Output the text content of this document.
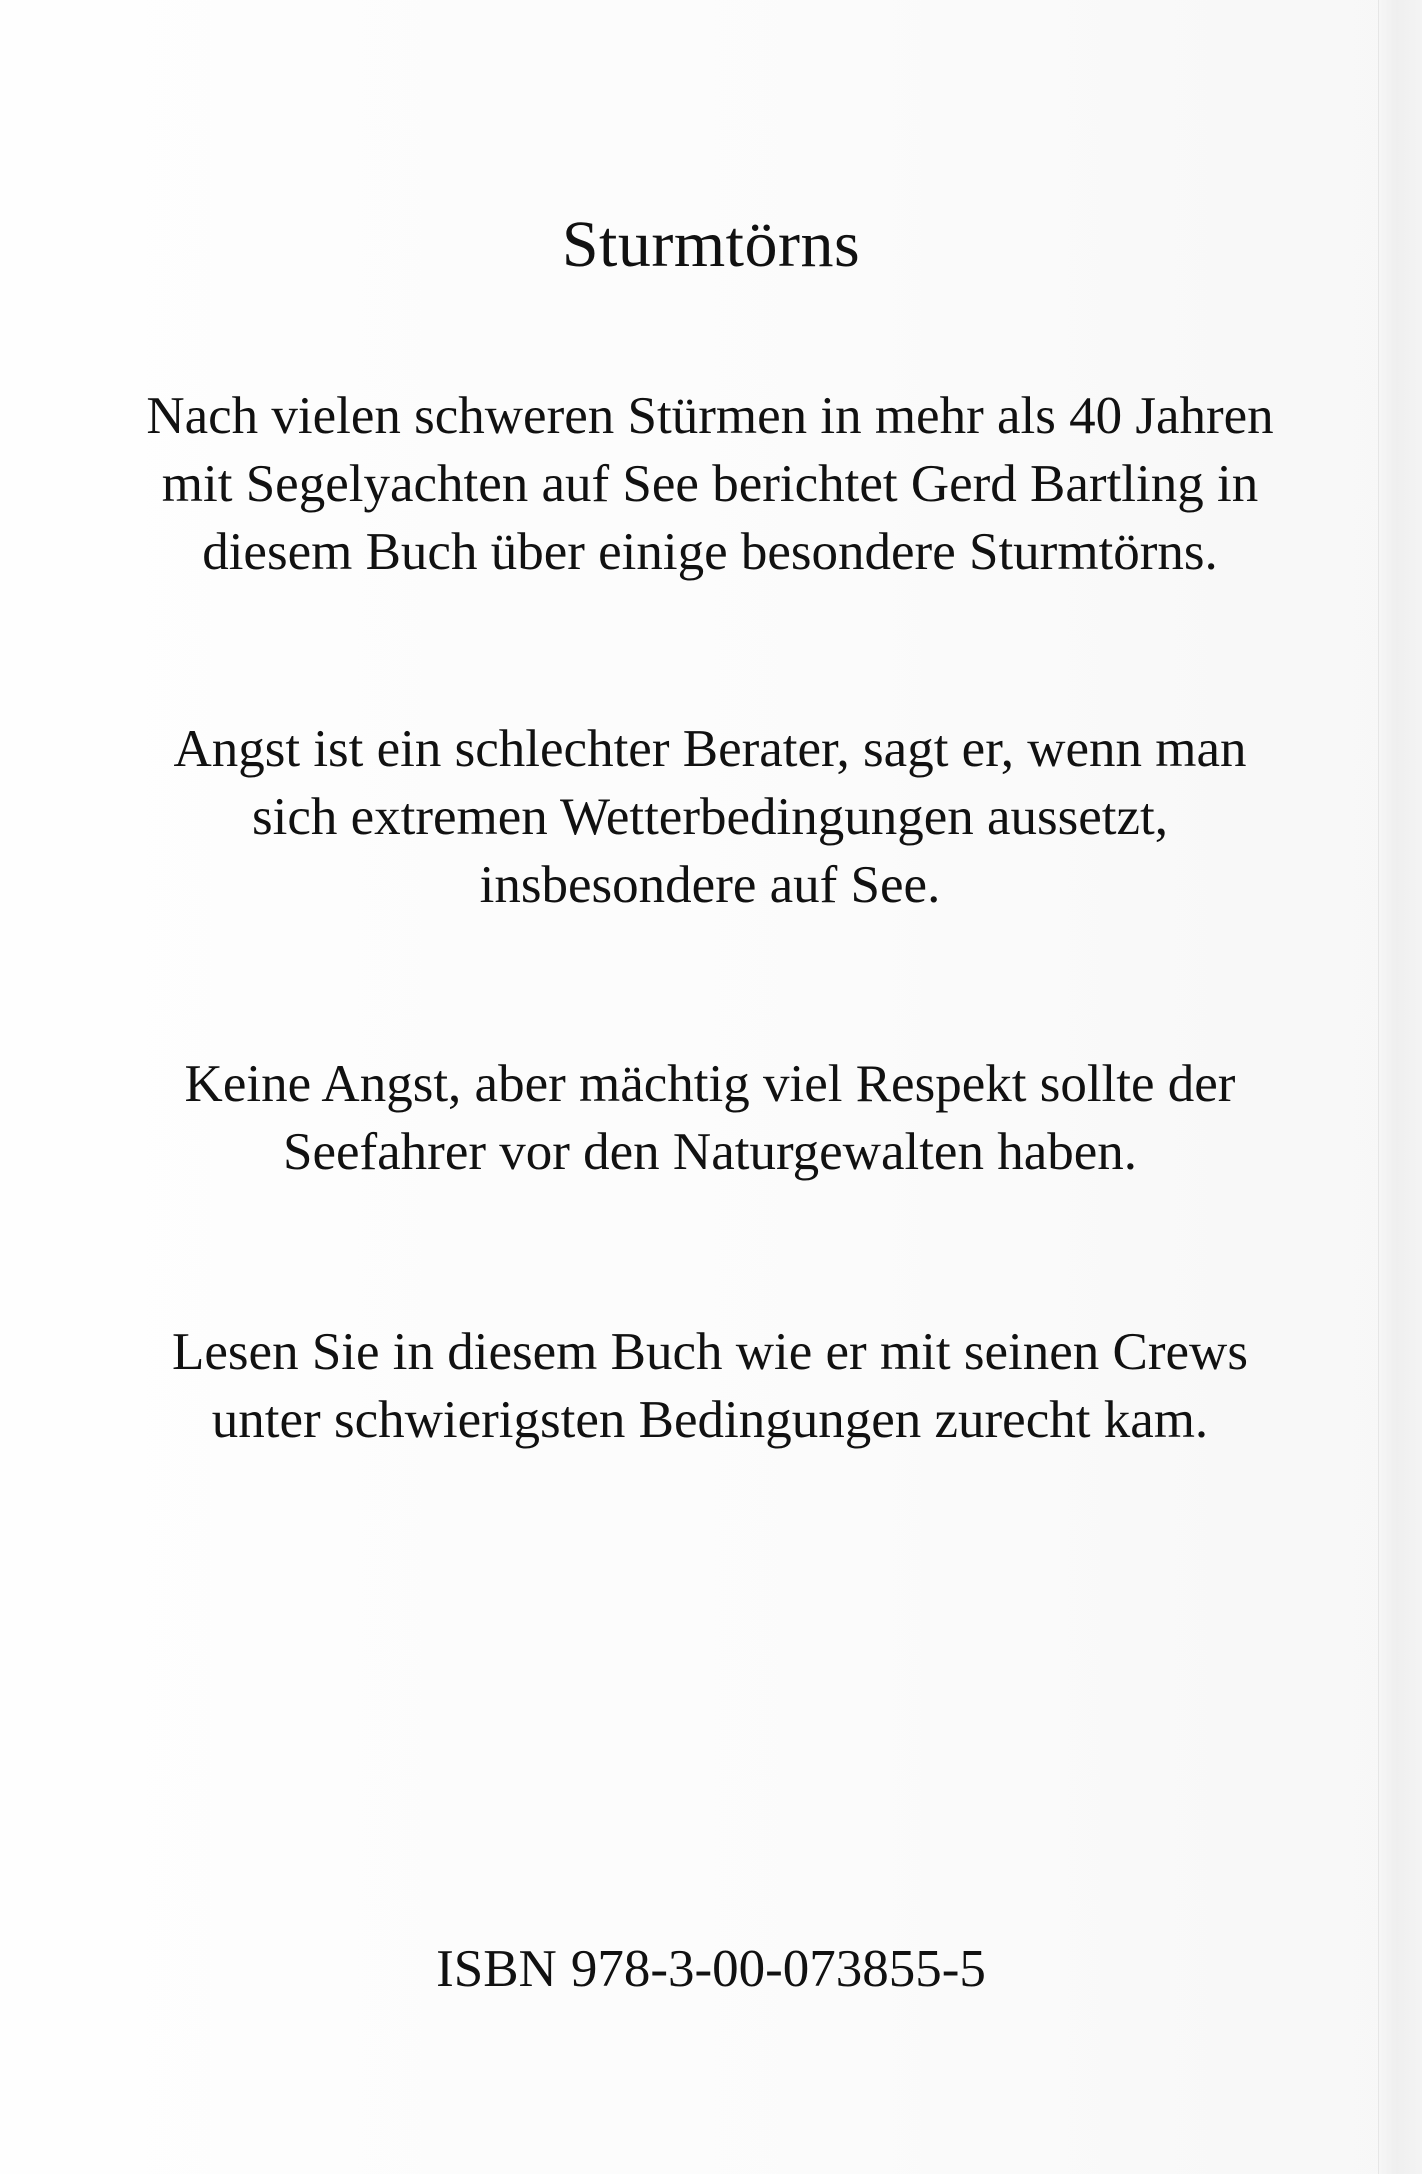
Sturmtörns
Nach vielen schweren Stürmen in mehr als 40 Jahren
mit Segelyachten auf See berichtet Gerd Bartling in
diesem Buch über einige besondere Sturmtörns.
Angst ist ein schlechter Berater, sagt er, wenn man
sich extremen Wetterbedingungen aussetzt,
insbesondere auf See.
Keine Angst, aber mächtig viel Respekt sollte der
Seefahrer vor den Naturgewalten haben.
Lesen Sie in diesem Buch wie er mit seinen Crews
unter schwierigsten Bedingungen zurecht kam.
ISBN 978-3-00-073855-5
